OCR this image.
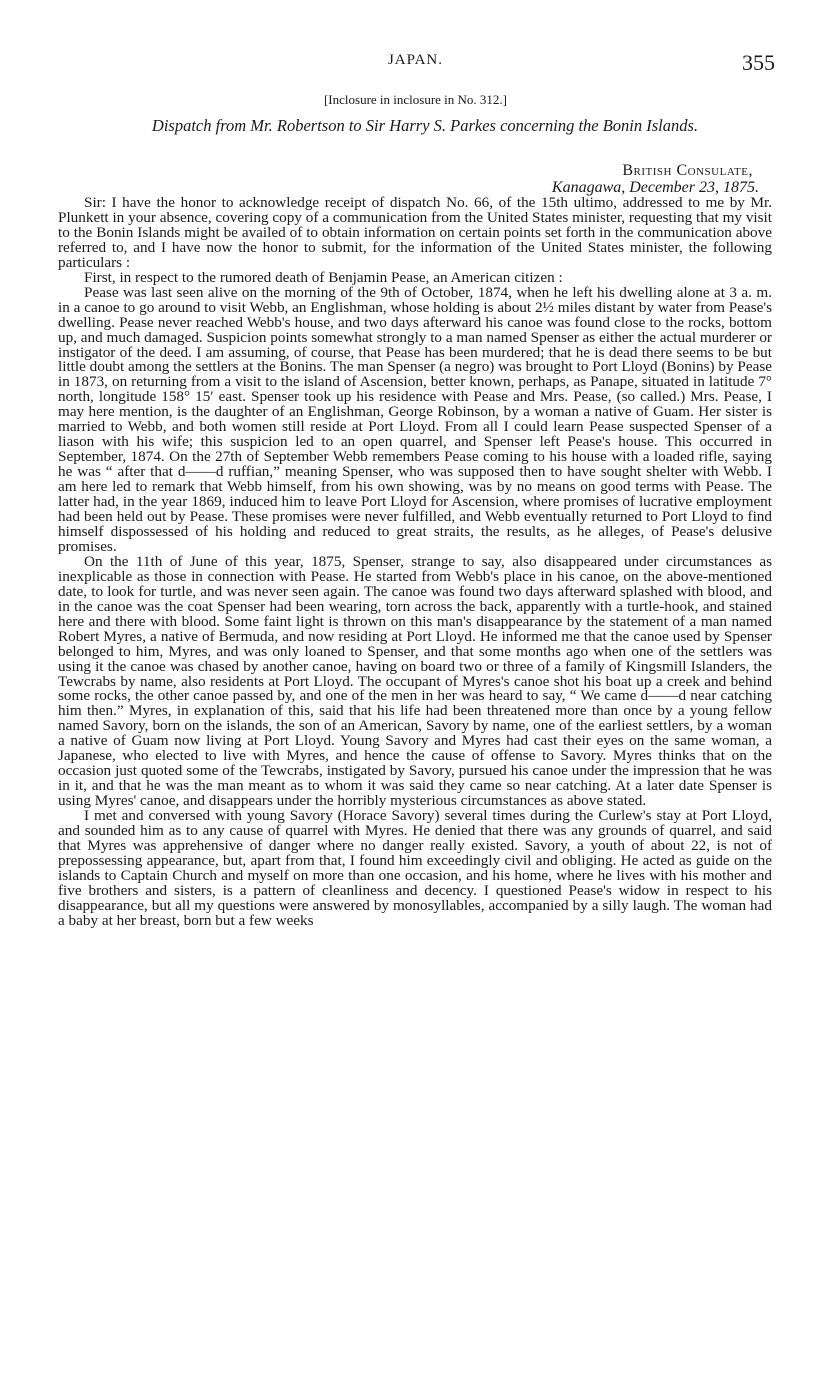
JAPAN.	355
[Inclosure in inclosure in No. 312.]
Dispatch from Mr. Robertson to Sir Harry S. Parkes concerning the Bonin Islands.
British Consulate,
Kanagawa, December 23, 1875.

Sir: I have the honor to acknowledge receipt of dispatch No. 66, of the 15th ultimo, addressed to me by Mr. Plunkett in your absence, covering copy of a communication from the United States minister, requesting that my visit to the Bonin Islands might be availed of to obtain information on certain points set forth in the communication above referred to, and I have now the honor to submit, for the information of the United States minister, the following particulars :

First, in respect to the rumored death of Benjamin Pease, an American citizen :

Pease was last seen alive on the morning of the 9th of October, 1874, when he left his dwelling alone at 3 a. m. in a canoe to go around to visit Webb, an Englishman, whose holding is about 2½ miles distant by water from Pease's dwelling. Pease never reached Webb's house, and two days afterward his canoe was found close to the rocks, bottom up, and much damaged. Suspicion points somewhat strongly to a man named Spenser as either the actual murderer or instigator of the deed. I am assuming, of course, that Pease has been murdered; that he is dead there seems to be but little doubt among the settlers at the Bonins. The man Spenser (a negro) was brought to Port Lloyd (Bonins) by Pease in 1873, on returning from a visit to the island of Ascension, better known, perhaps, as Panape, situated in latitude 7° north, longitude 158° 15′ east. Spenser took up his residence with Pease and Mrs. Pease, (so called.) Mrs. Pease, I may here mention, is the daughter of an Englishman, George Robinson, by a woman a native of Guam. Her sister is married to Webb, and both women still reside at Port Lloyd. From all I could learn Pease suspected Spenser of a liason with his wife; this suspicion led to an open quarrel, and Spenser left Pease's house. This occurred in September, 1874. On the 27th of September Webb remembers Pease coming to his house with a loaded rifle, saying he was “ after that d——d ruffian,” meaning Spenser, who was supposed then to have sought shelter with Webb. I am here led to remark that Webb himself, from his own showing, was by no means on good terms with Pease. The latter had, in the year 1869, induced him to leave Port Lloyd for Ascension, where promises of lucrative employment had been held out by Pease. These promises were never fulfilled, and Webb eventually returned to Port Lloyd to find himself dispossessed of his holding and reduced to great straits, the results, as he alleges, of Pease's delusive promises.

On the 11th of June of this year, 1875, Spenser, strange to say, also disappeared under circumstances as inexplicable as those in connection with Pease. He started from Webb's place in his canoe, on the above-mentioned date, to look for turtle, and was never seen again. The canoe was found two days afterward splashed with blood, and in the canoe was the coat Spenser had been wearing, torn across the back, apparently with a turtle-hook, and stained here and there with blood. Some faint light is thrown on this man's disappearance by the statement of a man named Robert Myres, a native of Bermuda, and now residing at Port Lloyd. He informed me that the canoe used by Spenser belonged to him, Myres, and was only loaned to Spenser, and that some months ago when one of the settlers was using it the canoe was chased by another canoe, having on board two or three of a family of Kingsmill Islanders, the Tewcrabs by name, also residents at Port Lloyd. The occupant of Myres's canoe shot his boat up a creek and behind some rocks, the other canoe passed by, and one of the men in her was heard to say, “ We came d——d near catching him then.” Myres, in explanation of this, said that his life had been threatened more than once by a young fellow named Savory, born on the islands, the son of an American, Savory by name, one of the earliest settlers, by a woman a native of Guam now living at Port Lloyd. Young Savory and Myres had cast their eyes on the same woman, a Japanese, who elected to live with Myres, and hence the cause of offense to Savory. Myres thinks that on the occasion just quoted some of the Tewcrabs, instigated by Savory, pursued his canoe under the impression that he was in it, and that he was the man meant as to whom it was said they came so near catching. At a later date Spenser is using Myres' canoe, and disappears under the horribly mysterious circumstances as above stated.

I met and conversed with young Savory (Horace Savory) several times during the Curlew's stay at Port Lloyd, and sounded him as to any cause of quarrel with Myres. He denied that there was any grounds of quarrel, and said that Myres was apprehensive of danger where no danger really existed. Savory, a youth of about 22, is not of prepossessing appearance, but, apart from that, I found him exceedingly civil and obliging. He acted as guide on the islands to Captain Church and myself on more than one occasion, and his home, where he lives with his mother and five brothers and sisters, is a pattern of cleanliness and decency. I questioned Pease's widow in respect to his disappearance, but all my questions were answered by monosyllables, accompanied by a silly laugh. The woman had a baby at her breast, born but a few weeks
